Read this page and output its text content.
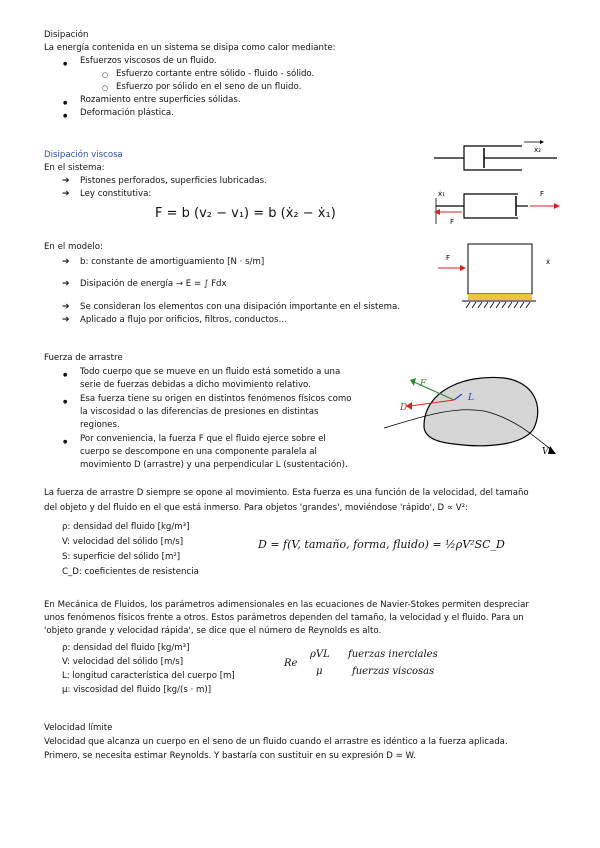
Disipación
La energía contenida en un sistema se disipa como calor mediante:
● Esfuerzos viscosos de un fluido.
○ Esfuerzo cortante entre sólido - fluido - sólido.
○ Esfuerzo por sólido en el seno de un fluido.
● Rozamiento entre superficies sólidas.
● Deformación plástica.
Disipación viscosa
En el sistema:
➔ Pistones perforados, superficies lubricadas.
➔ Ley constitutiva:
F = b (v₂ − v₁) = b (ẋ₂ − ẋ₁)
En el modelo:
➔ b: constante de amortiguamiento [N · s/m]
➔ Disipación de energía → E = ∫ Fdx
➔ Se consideran los elementos con una disipación importante en el sistema.
➔ Aplicado a flujo por orificios, filtros, conductos…
ẋ₂
ẋ₁	F
F
F	ẋ
Fuerza de arrastre
● Todo cuerpo que se mueve en un fluido está sometido a una
serie de fuerzas debidas a dicho movimiento relativo.
● Esa fuerza tiene su origen en distintos fenómenos físicos como
la viscosidad o las diferencias de presiones en distintas
regiones.
● Por conveniencia, la fuerza F que el fluido ejerce sobre el
cuerpo se descompone en una componente paralela al
movimiento D (arrastre) y una perpendicular L (sustentación).
F
D
L
V
La fuerza de arrastre D siempre se opone al movimiento. Esta fuerza es una función de la velocidad, del tamaño
del objeto y del fluido en el que está inmerso. Para objetos 'grandes', moviéndose 'rápido', D ∝ V²:
ρ: densidad del fluido [kg/m³]
V: velocidad del sólido [m/s]
S: superficie del sólido [m²]
C_D: coeficientes de resistencia
D = f(V, tamaño, forma, fluido) = ½ρV²SC_D
En Mecánica de Fluidos, los parámetros adimensionales en las ecuaciones de Navier-Stokes permiten despreciar
unos fenómenos físicos frente a otros. Estos parámetros dependen del tamaño, la velocidad y el fluido. Para un
'objeto grande y velocidad rápida', se dice que el número de Reynolds es alto.
ρ: densidad del fluido [kg/m³]
V: velocidad del sólido [m/s]
L: longitud característica del cuerpo [m]
μ: viscosidad del fluido [kg/(s · m)]
Re
ρVL
μ
fuerzas inerciales
fuerzas viscosas
Velocidad límite
Velocidad que alcanza un cuerpo en el seno de un fluido cuando el arrastre es idéntico a la fuerza aplicada.
Primero, se necesita estimar Reynolds. Y bastaría con sustituir en su expresión D = W.
